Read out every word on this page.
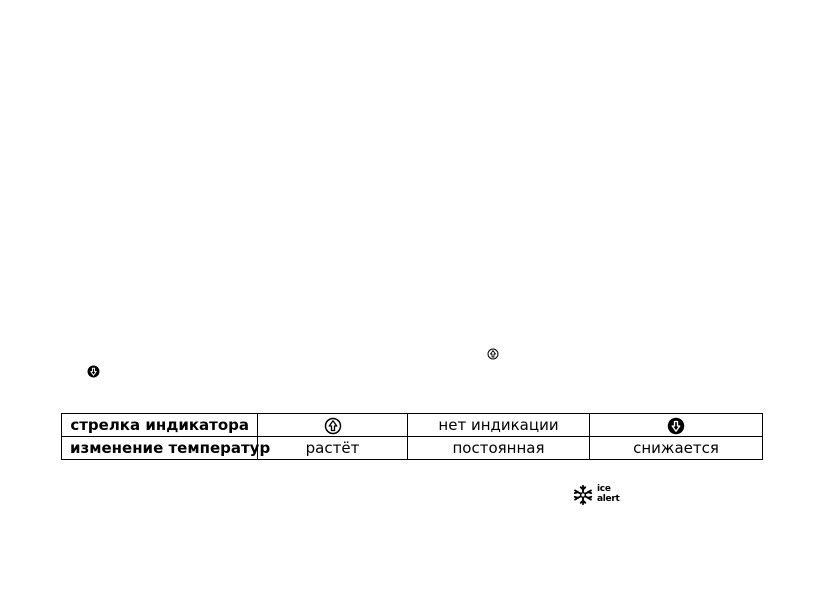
стрелка индикатора		нет индикации	
изменение температур	растёт	постоянная	снижается
ice
alert
